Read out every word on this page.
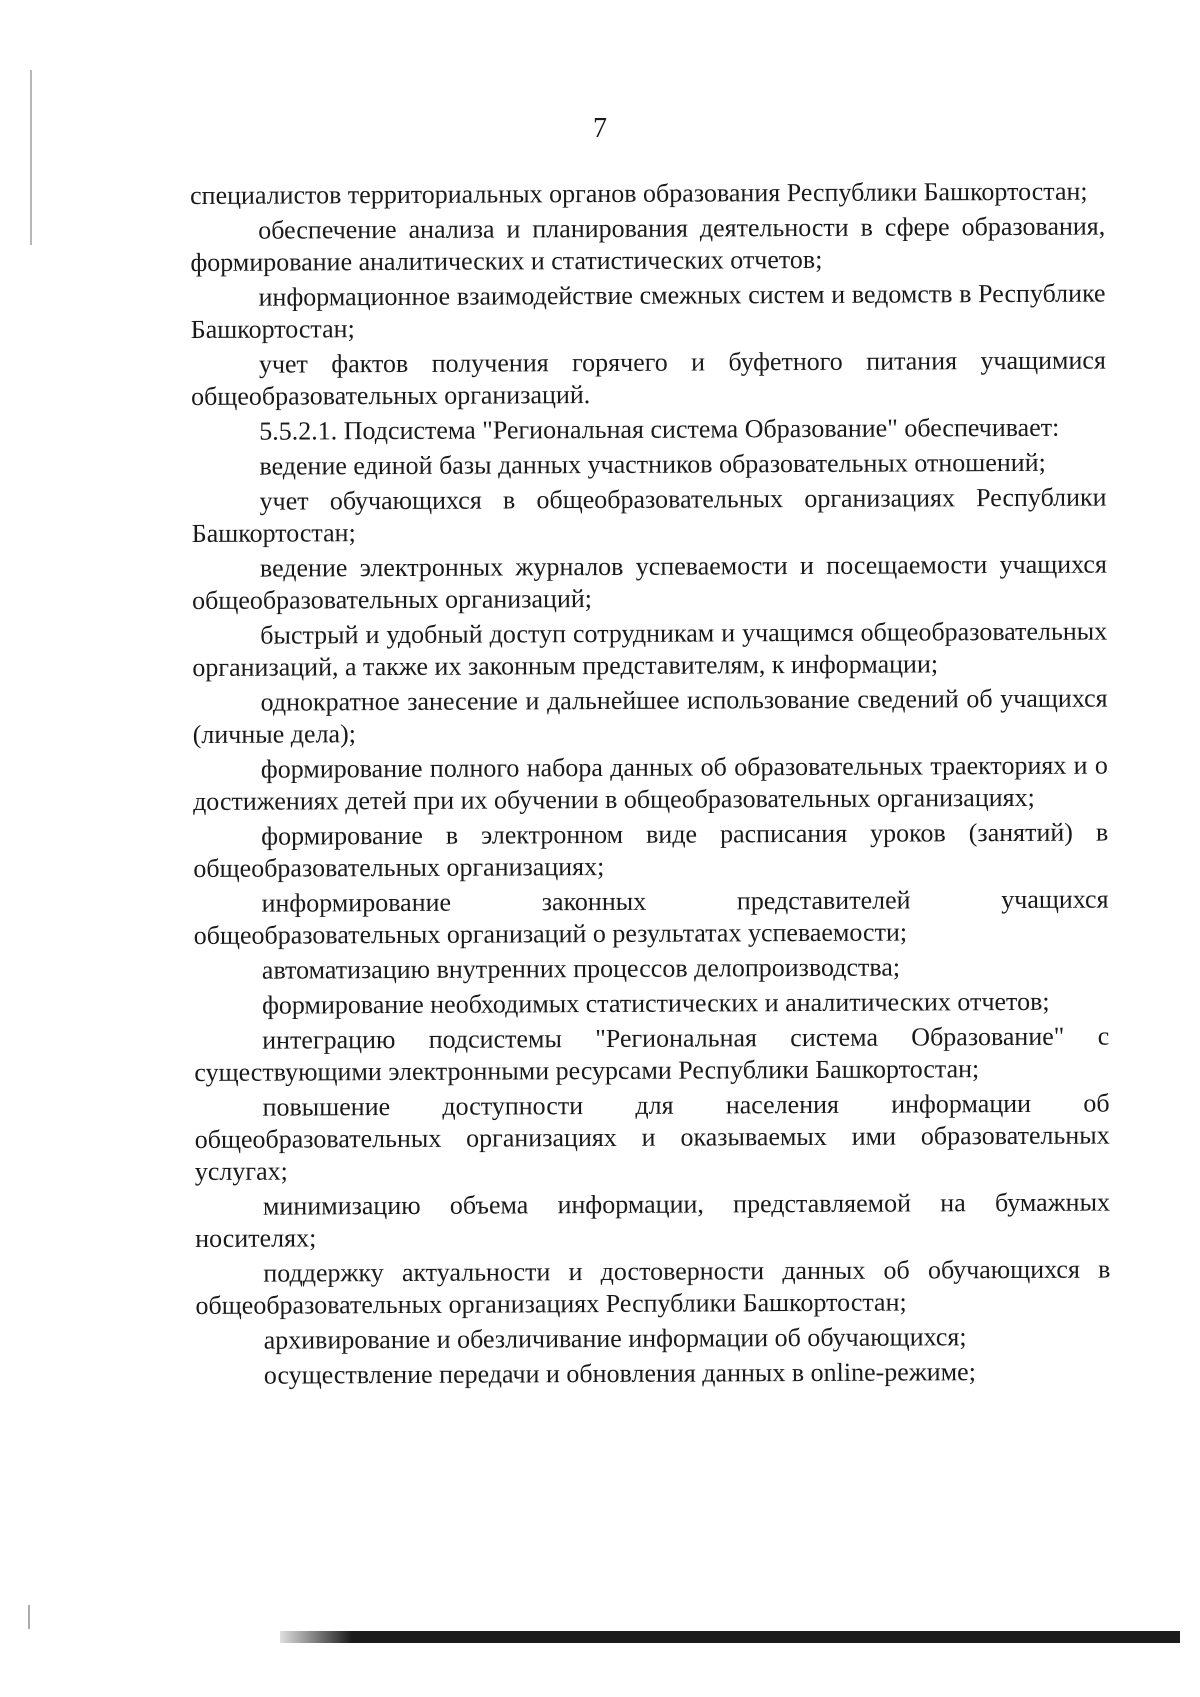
7

специалистов территориальных органов образования Республики Башкортостан;

обеспечение анализа и планирования деятельности в сфере образования, формирование аналитических и статистических отчетов;

информационное взаимодействие смежных систем и ведомств в Республике Башкортостан;

учет фактов получения горячего и буфетного питания учащимися общеобразовательных организаций.

5.5.2.1. Подсистема "Региональная система Образование" обеспечивает:

ведение единой базы данных участников образовательных отношений;

учет обучающихся в общеобразовательных организациях Республики Башкортостан;

ведение электронных журналов успеваемости и посещаемости учащихся общеобразовательных организаций;

быстрый и удобный доступ сотрудникам и учащимся общеобразовательных организаций, а также их законным представителям, к информации;

однократное занесение и дальнейшее использование сведений об учащихся (личные дела);

формирование полного набора данных об образовательных траекториях и о достижениях детей при их обучении в общеобразовательных организациях;

формирование в электронном виде расписания уроков (занятий) в общеобразовательных организациях;

информирование законных представителей учащихся общеобразовательных организаций о результатах успеваемости;

автоматизацию внутренних процессов делопроизводства;

формирование необходимых статистических и аналитических отчетов;

интеграцию подсистемы "Региональная система Образование" с существующими электронными ресурсами Республики Башкортостан;

повышение доступности для населения информации об общеобразовательных организациях и оказываемых ими образовательных услугах;

минимизацию объема информации, представляемой на бумажных носителях;

поддержку актуальности и достоверности данных об обучающихся в общеобразовательных организациях Республики Башкортостан;

архивирование и обезличивание информации об обучающихся;

осуществление передачи и обновления данных в online-режиме;
